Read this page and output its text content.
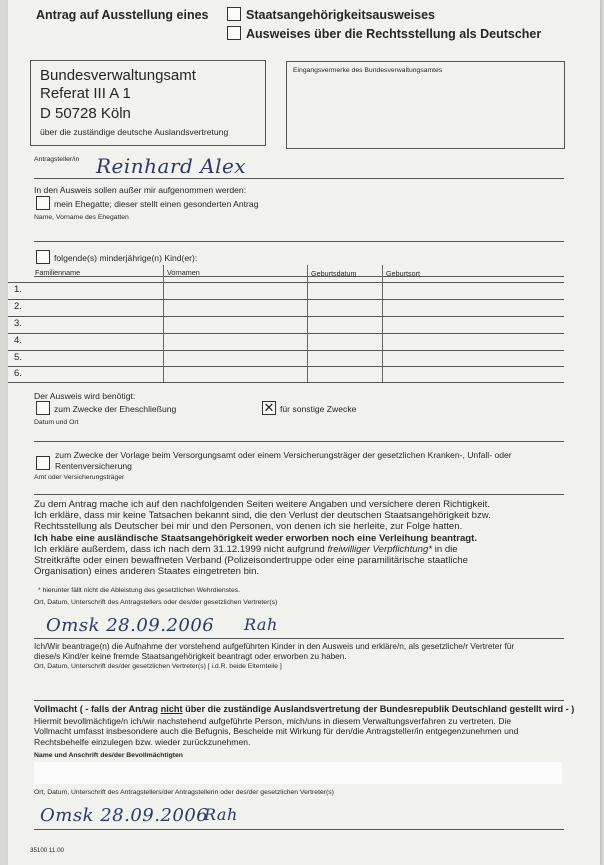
Antrag auf Ausstellung eines	Staatsangehörigkeitsausweises
Ausweises über die Rechtsstellung als Deutscher
Bundesverwaltungsamt
Referat III A 1
D 50728 Köln
über die zuständige deutsche Auslandsvertretung
Eingangsvermerke des Bundesverwaltungsamtes
Antragsteller/in Reinhard Alex
In den Ausweis sollen außer mir aufgenommen werden:
mein Ehegatte; dieser stellt einen gesonderten Antrag
Name, Vorname des Ehegatten
folgende(s) minderjährige(n) Kind(er):
Familienname	Vornamen	Geburtsdatum	Geburtsort
1.
2.
3.
4.
5.
6.
Der Ausweis wird benötigt:
zum Zwecke der Eheschließung	✕ für sonstige Zwecke
Datum und Ort
zum Zwecke der Vorlage beim Versorgungsamt oder einem Versicherungsträger der gesetzlichen Kranken-, Unfall- oder
Rentenversicherung
Amt oder Versicherungsträger
Zu dem Antrag mache ich auf den nachfolgenden Seiten weitere Angaben und versichere deren Richtigkeit.
Ich erkläre, dass mir keine Tatsachen bekannt sind, die den Verlust der deutschen Staatsangehörigkeit bzw.
Rechtsstellung als Deutscher bei mir und den Personen, von denen ich sie herleite, zur Folge hatten.
Ich habe eine ausländische Staatsangehörigkeit weder erworben noch eine Verleihung beantragt.
Ich erkläre außerdem, dass ich nach dem 31.12.1999 nicht aufgrund freiwilliger Verpflichtung* in die
Streitkräfte oder einen bewaffneten Verband (Polizeisondertruppe oder eine paramilitärische staatliche
Organisation) eines anderen Staates eingetreten bin.
* hierunter fällt nicht die Ableistung des gesetzlichen Wehrdienstes.
Ort, Datum, Unterschrift des Antragstellers oder des/der gesetzlichen Vertreter(s)
Omsk 28.09.2006 Rah
Ich/Wir beantrage(n) die Aufnahme der vorstehend aufgeführten Kinder in den Ausweis und erkläre/n, als gesetzliche/r Vertreter für
diese/s Kind/er keine fremde Staatsangehörigkeit beantragt oder erworben zu haben.
Ort, Datum, Unterschrift des/der gesetzlichen Vertreter(s) [ i.d.R. beide Elternteile ]
Vollmacht ( - falls der Antrag nicht über die zuständige Auslandsvertretung der Bundesrepublik Deutschland gestellt wird - )
Hiermit bevollmächtige/n ich/wir nachstehend aufgeführte Person, mich/uns in diesem Verwaltungsverfahren zu vertreten. Die
Vollmacht umfasst insbesondere auch die Befugnis, Bescheide mit Wirkung für den/die Antragsteller/in entgegenzunehmen und
Rechtsbehelfe einzulegen bzw. wieder zurückzunehmen.
Name und Anschrift des/der Bevollmächtigten
Ort, Datum, Unterschrift des Antragstellers/der Antragstellerin oder des/der gesetzlichen Vertreter(s)
Omsk 28.09.2006
Rah
35100 11.00
